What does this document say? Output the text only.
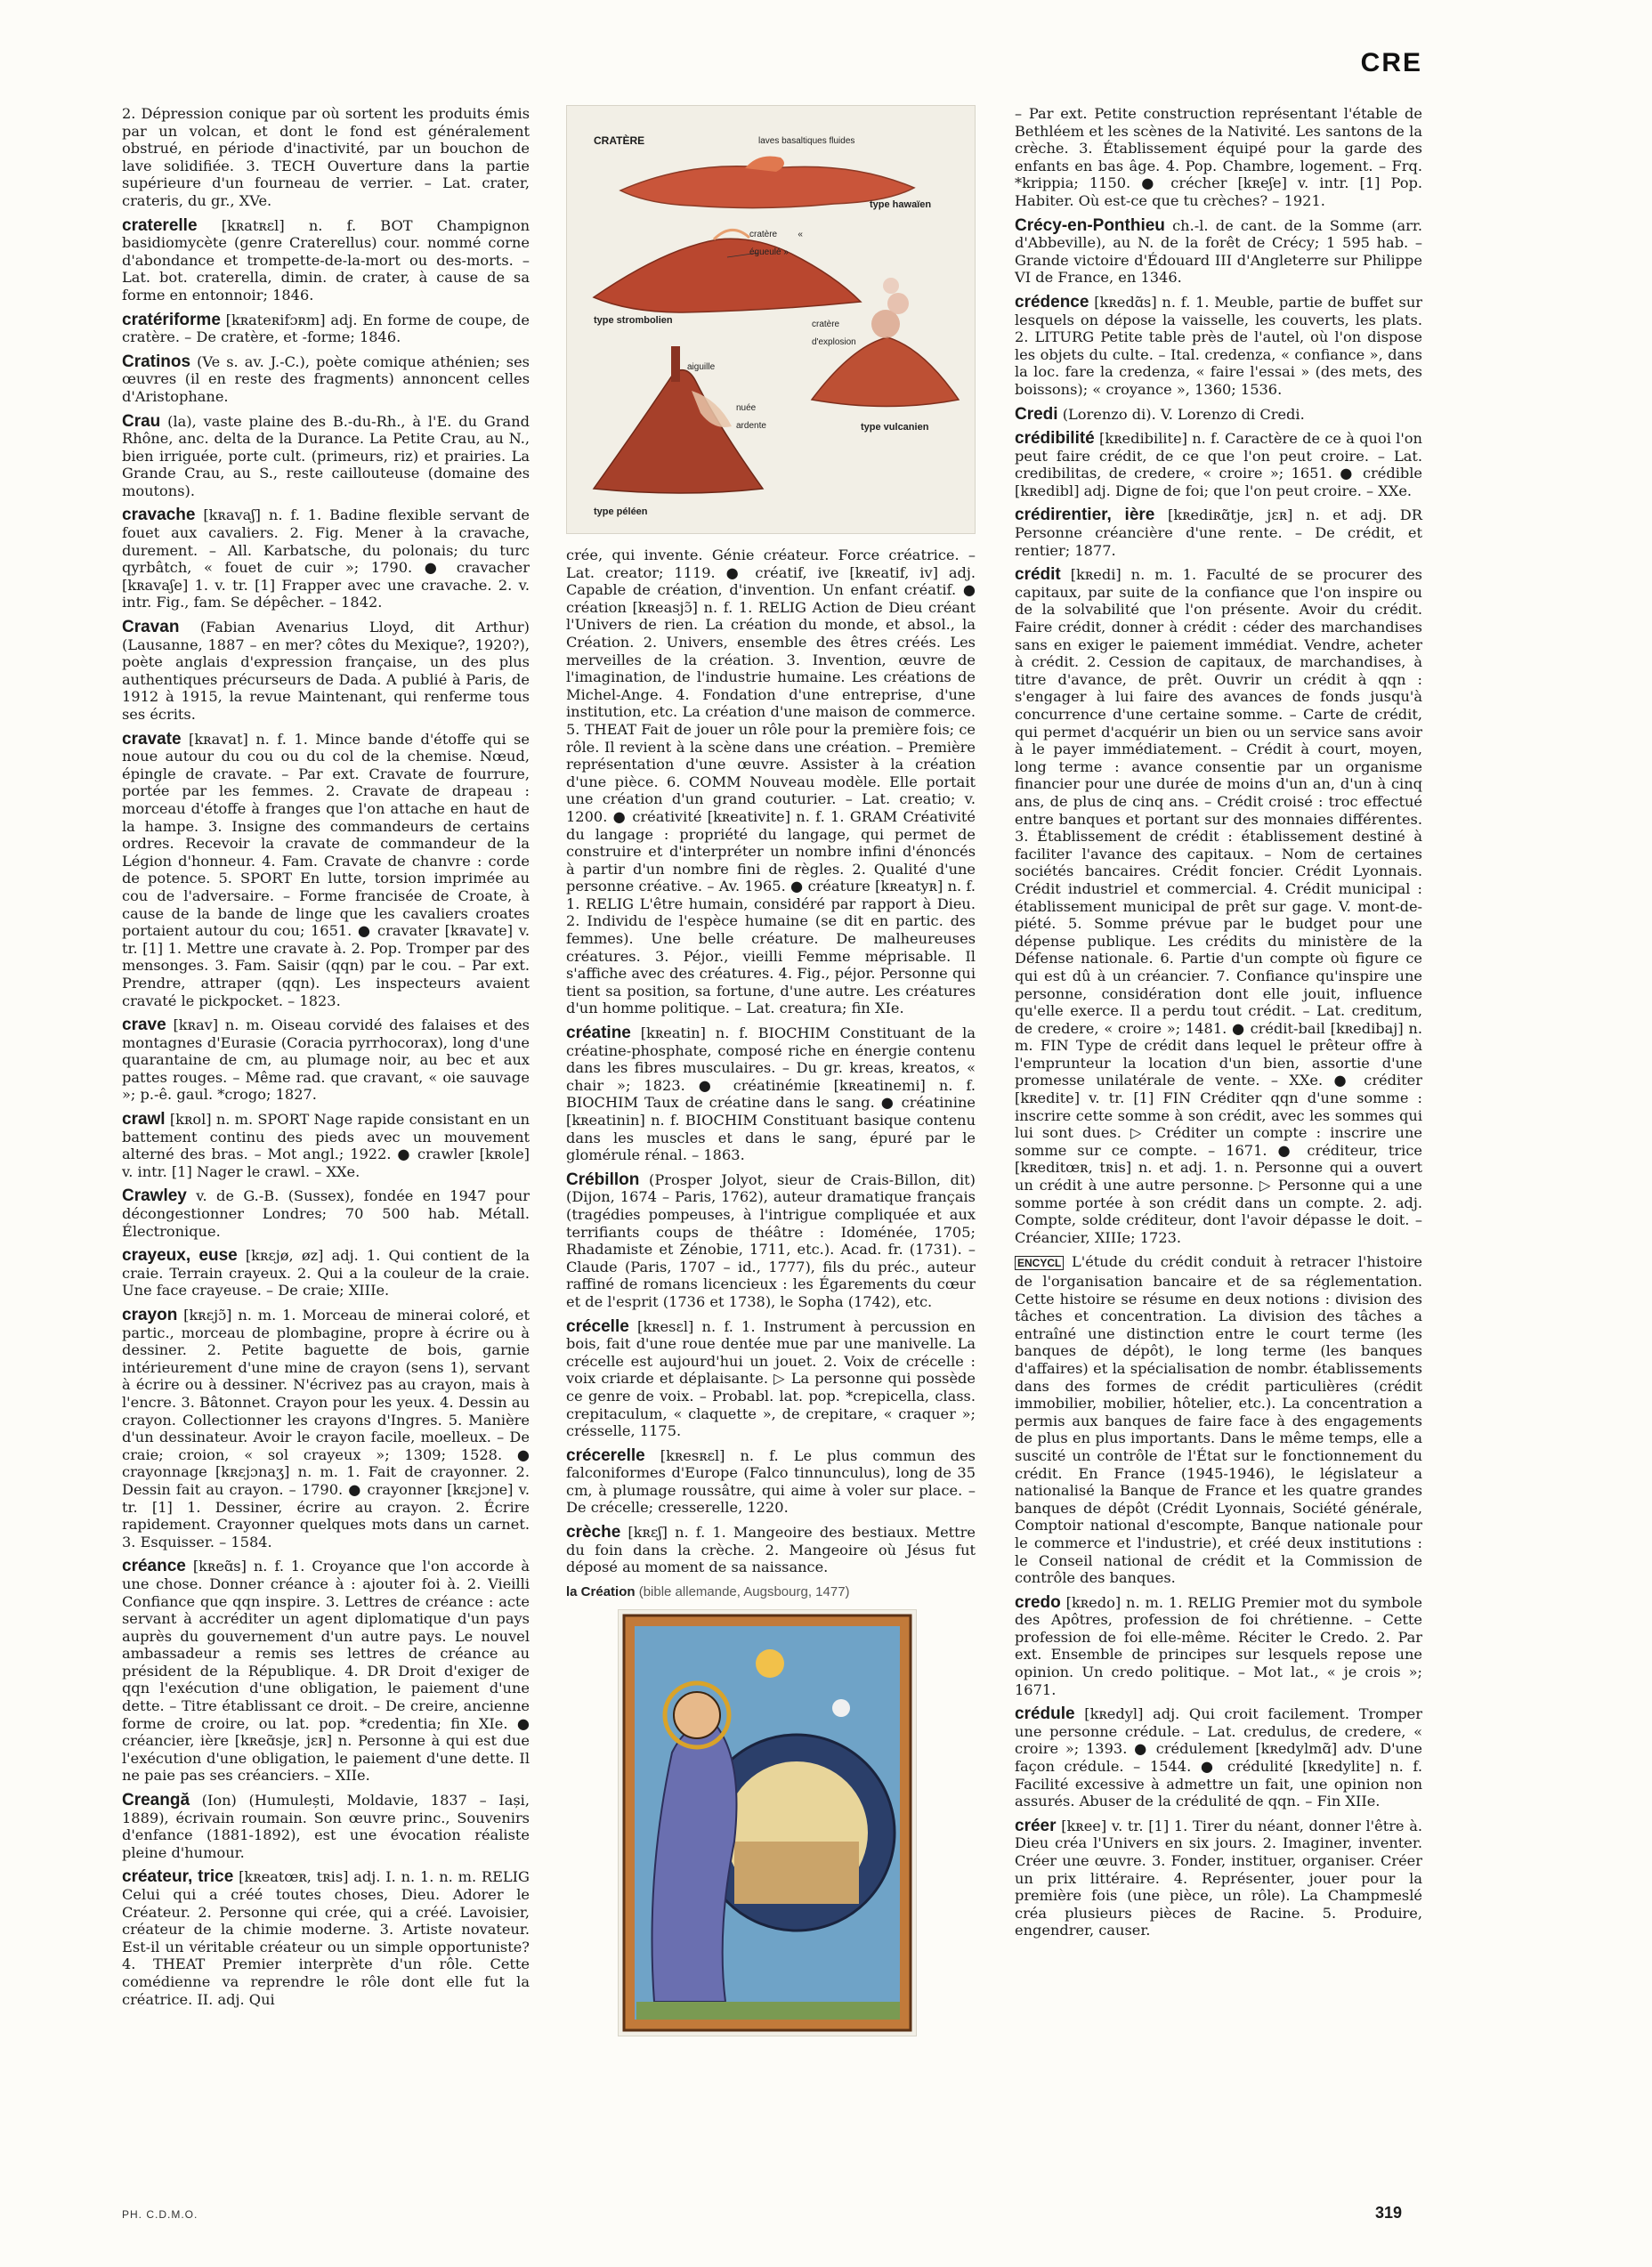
CRE

2. Dépression conique par où sortent les produits émis par un volcan, et dont le fond est généralement obstrué, en période d'inactivité, par un bouchon de lave solidifiée. 3. TECH Ouverture dans la partie supérieure d'un fourneau de verrier. – Lat. crater, crateris, du gr., XVe.

craterelle [kʀatʀɛl] n. f. BOT Champignon basidiomycète (genre Craterellus) cour. nommé corne d'abondance et trompette-de-la-mort ou des-morts. – Lat. bot. craterella, dimin. de crater, à cause de sa forme en entonnoir; 1846.

cratériforme [kʀateʀifɔʀm] adj. En forme de coupe, de cratère. – De cratère, et -forme; 1846.

Cratinos (Ve s. av. J.-C.), poète comique athénien; ses œuvres (il en reste des fragments) annoncent celles d'Aristophane.

Crau (la), vaste plaine des B.-du-Rh., à l'E. du Grand Rhône, anc. delta de la Durance. La Petite Crau, au N., bien irriguée, porte cult. (primeurs, riz) et prairies. La Grande Crau, au S., reste caillouteuse (domaine des moutons).

cravache [kʀavaʃ] n. f. 1. Badine flexible servant de fouet aux cavaliers. 2. Fig. Mener à la cravache, durement. – All. Karbatsche, du polonais; du turc qyrbâtch, « fouet de cuir »; 1790. ● cravacher [kʀavaʃe] 1. v. tr. [1] Frapper avec une cravache. 2. v. intr. Fig., fam. Se dépêcher. – 1842.

Cravan (Fabian Avenarius Lloyd, dit Arthur) (Lausanne, 1887 – en mer? côtes du Mexique?, 1920?), poète anglais d'expression française, un des plus authentiques précurseurs de Dada. A publié à Paris, de 1912 à 1915, la revue Maintenant, qui renferme tous ses écrits.

cravate [kʀavat] n. f. 1. Mince bande d'étoffe qui se noue autour du cou ou du col de la chemise. Nœud, épingle de cravate. – Par ext. Cravate de fourrure, portée par les femmes. 2. Cravate de drapeau : morceau d'étoffe à franges que l'on attache en haut de la hampe. 3. Insigne des commandeurs de certains ordres. Recevoir la cravate de commandeur de la Légion d'honneur. 4. Fam. Cravate de chanvre : corde de potence. 5. SPORT En lutte, torsion imprimée au cou de l'adversaire. – Forme francisée de Croate, à cause de la bande de linge que les cavaliers croates portaient autour du cou; 1651. ● cravater [kʀavate] v. tr. [1] 1. Mettre une cravate à. 2. Pop. Tromper par des mensonges. 3. Fam. Saisir (qqn) par le cou. – Par ext. Prendre, attraper (qqn). Les inspecteurs avaient cravaté le pickpocket. – 1823.

crave [kʀav] n. m. Oiseau corvidé des falaises et des montagnes d'Eurasie (Coracia pyrrhocorax), long d'une quarantaine de cm, au plumage noir, au bec et aux pattes rouges. – Même rad. que cravant, « oie sauvage »; p.-ê. gaul. *crogo; 1827.

crawl [kʀol] n. m. SPORT Nage rapide consistant en un battement continu des pieds avec un mouvement alterné des bras. – Mot angl.; 1922. ● crawler [kʀole] v. intr. [1] Nager le crawl. – XXe.

Crawley v. de G.-B. (Sussex), fondée en 1947 pour décongestionner Londres; 70 500 hab. Métall. Électronique.

crayeux, euse [kʀɛjø, øz] adj. 1. Qui contient de la craie. Terrain crayeux. 2. Qui a la couleur de la craie. Une face crayeuse. – De craie; XIIIe.

crayon [kʀɛjɔ̃] n. m. 1. Morceau de minerai coloré, et partic., morceau de plombagine, propre à écrire ou à dessiner. 2. Petite baguette de bois, garnie intérieurement d'une mine de crayon (sens 1), servant à écrire ou à dessiner. N'écrivez pas au crayon, mais à l'encre. 3. Bâtonnet. Crayon pour les yeux. 4. Dessin au crayon. Collectionner les crayons d'Ingres. 5. Manière d'un dessinateur. Avoir le crayon facile, moelleux. – De craie; croion, « sol crayeux »; 1309; 1528. ● crayonnage [kʀɛjɔnaʒ] n. m. 1. Fait de crayonner. 2. Dessin fait au crayon. – 1790. ● crayonner [kʀɛjɔne] v. tr. [1] 1. Dessiner, écrire au crayon. 2. Écrire rapidement. Crayonner quelques mots dans un carnet. 3. Esquisser. – 1584.

créance [kʀeɑ̃s] n. f. 1. Croyance que l'on accorde à une chose. Donner créance à : ajouter foi à. 2. Vieilli Confiance que qqn inspire. 3. Lettres de créance : acte servant à accréditer un agent diplomatique d'un pays auprès du gouvernement d'un autre pays. Le nouvel ambassadeur a remis ses lettres de créance au président de la République. 4. DR Droit d'exiger de qqn l'exécution d'une obligation, le paiement d'une dette. – Titre établissant ce droit. – De creire, ancienne forme de croire, ou lat. pop. *credentia; fin XIe. ● créancier, ière [kʀeɑ̃sje, jɛʀ] n. Personne à qui est due l'exécution d'une obligation, le paiement d'une dette. Il ne paie pas ses créanciers. – XIIe.

Creangă (Ion) (Humulești, Moldavie, 1837 – Iași, 1889), écrivain roumain. Son œuvre princ., Souvenirs d'enfance (1881-1892), est une évocation réaliste pleine d'humour.

créateur, trice [kʀeatœʀ, tʀis] adj. I. n. 1. n. m. RELIG Celui qui a créé toutes choses, Dieu. Adorer le Créateur. 2. Personne qui crée, qui a créé. Lavoisier, créateur de la chimie moderne. 3. Artiste novateur. Est-il un véritable créateur ou un simple opportuniste? 4. THEAT Premier interprète d'un rôle. Cette comédienne va reprendre le rôle dont elle fut la créatrice. II. adj. Qui

CRATÈRE	laves basaltiques fluides
type hawaïen
cratère « égueulé »
type strombolien	cratère d'explosion
aiguille
nuée ardente	type vulcanien
type péléen

crée, qui invente. Génie créateur. Force créatrice. – Lat. creator; 1119. ● créatif, ive [kʀeatif, iv] adj. Capable de création, d'invention. Un enfant créatif. ● création [kʀeasjɔ̃] n. f. 1. RELIG Action de Dieu créant l'Univers de rien. La création du monde, et absol., la Création. 2. Univers, ensemble des êtres créés. Les merveilles de la création. 3. Invention, œuvre de l'imagination, de l'industrie humaine. Les créations de Michel-Ange. 4. Fondation d'une entreprise, d'une institution, etc. La création d'une maison de commerce. 5. THEAT Fait de jouer un rôle pour la première fois; ce rôle. Il revient à la scène dans une création. – Première représentation d'une œuvre. Assister à la création d'une pièce. 6. COMM Nouveau modèle. Elle portait une création d'un grand couturier. – Lat. creatio; v. 1200. ● créativité [kʀeativite] n. f. 1. GRAM Créativité du langage : propriété du langage, qui permet de construire et d'interpréter un nombre infini d'énoncés à partir d'un nombre fini de règles. 2. Qualité d'une personne créative. – Av. 1965. ● créature [kʀeatyʀ] n. f. 1. RELIG L'être humain, considéré par rapport à Dieu. 2. Individu de l'espèce humaine (se dit en partic. des femmes). Une belle créature. De malheureuses créatures. 3. Péjor., vieilli Femme méprisable. Il s'affiche avec des créatures. 4. Fig., péjor. Personne qui tient sa position, sa fortune, d'une autre. Les créatures d'un homme politique. – Lat. creatura; fin XIe.

créatine [kʀeatin] n. f. BIOCHIM Constituant de la créatine-phosphate, composé riche en énergie contenu dans les fibres musculaires. – Du gr. kreas, kreatos, « chair »; 1823. ● créatinémie [kʀeatinemi] n. f. BIOCHIM Taux de créatine dans le sang. ● créatinine [kʀeatinin] n. f. BIOCHIM Constituant basique contenu dans les muscles et dans le sang, épuré par le glomérule rénal. – 1863.

Crébillon (Prosper Jolyot, sieur de Crais-Billon, dit) (Dijon, 1674 – Paris, 1762), auteur dramatique français (tragédies pompeuses, à l'intrigue compliquée et aux terrifiants coups de théâtre : Idoménée, 1705; Rhadamiste et Zénobie, 1711, etc.). Acad. fr. (1731). – Claude (Paris, 1707 – id., 1777), fils du préc., auteur raffiné de romans licencieux : les Égarements du cœur et de l'esprit (1736 et 1738), le Sopha (1742), etc.

crécelle [kʀesɛl] n. f. 1. Instrument à percussion en bois, fait d'une roue dentée mue par une manivelle. La crécelle est aujourd'hui un jouet. 2. Voix de crécelle : voix criarde et déplaisante. ▷ La personne qui possède ce genre de voix. – Probabl. lat. pop. *crepicella, class. crepitaculum, « claquette », de crepitare, « craquer »; crésselle, 1175.

crécerelle [kʀesʀɛl] n. f. Le plus commun des falconiformes d'Europe (Falco tinnunculus), long de 35 cm, à plumage roussâtre, qui aime à voler sur place. – De crécelle; cresserelle, 1220.

crèche [kʀɛʃ] n. f. 1. Mangeoire des bestiaux. Mettre du foin dans la crèche. 2. Mangeoire où Jésus fut déposé au moment de sa naissance.

la Création (bible allemande, Augsbourg, 1477)

– Par ext. Petite construction représentant l'étable de Bethléem et les scènes de la Nativité. Les santons de la crèche. 3. Établissement équipé pour la garde des enfants en bas âge. 4. Pop. Chambre, logement. – Frq. *krippia; 1150. ● crécher [kʀeʃe] v. intr. [1] Pop. Habiter. Où est-ce que tu crèches? – 1921.

Crécy-en-Ponthieu ch.-l. de cant. de la Somme (arr. d'Abbeville), au N. de la forêt de Crécy; 1 595 hab. – Grande victoire d'Édouard III d'Angleterre sur Philippe VI de France, en 1346.

crédence [kʀedɑ̃s] n. f. 1. Meuble, partie de buffet sur lesquels on dépose la vaisselle, les couverts, les plats. 2. LITURG Petite table près de l'autel, où l'on dispose les objets du culte. – Ital. credenza, « confiance », dans la loc. fare la credenza, « faire l'essai » (des mets, des boissons); « croyance », 1360; 1536.

Credi (Lorenzo di). V. Lorenzo di Credi.

crédibilité [kʀedibilite] n. f. Caractère de ce à quoi l'on peut faire crédit, de ce que l'on peut croire. – Lat. credibilitas, de credere, « croire »; 1651. ● crédible [kʀedibl] adj. Digne de foi; que l'on peut croire. – XXe.

crédirentier, ière [kʀediʀɑ̃tje, jɛʀ] n. et adj. DR Personne créancière d'une rente. – De crédit, et rentier; 1877.

crédit [kʀedi] n. m. 1. Faculté de se procurer des capitaux, par suite de la confiance que l'on inspire ou de la solvabilité que l'on présente. Avoir du crédit. Faire crédit, donner à crédit : céder des marchandises sans en exiger le paiement immédiat. Vendre, acheter à crédit. 2. Cession de capitaux, de marchandises, à titre d'avance, de prêt. Ouvrir un crédit à qqn : s'engager à lui faire des avances de fonds jusqu'à concurrence d'une certaine somme. – Carte de crédit, qui permet d'acquérir un bien ou un service sans avoir à le payer immédiatement. – Crédit à court, moyen, long terme : avance consentie par un organisme financier pour une durée de moins d'un an, d'un à cinq ans, de plus de cinq ans. – Crédit croisé : troc effectué entre banques et portant sur des monnaies différentes. 3. Établissement de crédit : établissement destiné à faciliter l'avance des capitaux. – Nom de certaines sociétés bancaires. Crédit foncier. Crédit Lyonnais. Crédit industriel et commercial. 4. Crédit municipal : établissement municipal de prêt sur gage. V. mont-de-piété. 5. Somme prévue par le budget pour une dépense publique. Les crédits du ministère de la Défense nationale. 6. Partie d'un compte où figure ce qui est dû à un créancier. 7. Confiance qu'inspire une personne, considération dont elle jouit, influence qu'elle exerce. Il a perdu tout crédit. – Lat. creditum, de credere, « croire »; 1481. ● crédit-bail [kʀedibaj] n. m. FIN Type de crédit dans lequel le prêteur offre à l'emprunteur la location d'un bien, assortie d'une promesse unilatérale de vente. – XXe. ● créditer [kʀedite] v. tr. [1] FIN Créditer qqn d'une somme : inscrire cette somme à son crédit, avec les sommes qui lui sont dues. ▷ Créditer un compte : inscrire une somme sur ce compte. – 1671. ● créditeur, trice [kʀeditœʀ, tʀis] n. et adj. 1. n. Personne qui a ouvert un crédit à une autre personne. ▷ Personne qui a une somme portée à son crédit dans un compte. 2. adj. Compte, solde créditeur, dont l'avoir dépasse le doit. – Créancier, XIIIe; 1723.

ENCYCL L'étude du crédit conduit à retracer l'histoire de l'organisation bancaire et de sa réglementation. Cette histoire se résume en deux notions : division des tâches et concentration. La division des tâches a entraîné une distinction entre le court terme (les banques de dépôt), le long terme (les banques d'affaires) et la spécialisation de nombr. établissements dans des formes de crédit particulières (crédit immobilier, mobilier, hôtelier, etc.). La concentration a permis aux banques de faire face à des engagements de plus en plus importants. Dans le même temps, elle a suscité un contrôle de l'État sur le fonctionnement du crédit. En France (1945-1946), le législateur a nationalisé la Banque de France et les quatre grandes banques de dépôt (Crédit Lyonnais, Société générale, Comptoir national d'escompte, Banque nationale pour le commerce et l'industrie), et créé deux institutions : le Conseil national de crédit et la Commission de contrôle des banques.

credo [kʀedo] n. m. 1. RELIG Premier mot du symbole des Apôtres, profession de foi chrétienne. – Cette profession de foi elle-même. Réciter le Credo. 2. Par ext. Ensemble de principes sur lesquels repose une opinion. Un credo politique. – Mot lat., « je crois »; 1671.

crédule [kʀedyl] adj. Qui croit facilement. Tromper une personne crédule. – Lat. credulus, de credere, « croire »; 1393. ● crédulement [kʀedylmɑ̃] adv. D'une façon crédule. – 1544. ● crédulité [kʀedylite] n. f. Facilité excessive à admettre un fait, une opinion non assurés. Abuser de la crédulité de qqn. – Fin XIIe.

créer [kʀee] v. tr. [1] 1. Tirer du néant, donner l'être à. Dieu créa l'Univers en six jours. 2. Imaginer, inventer. Créer une œuvre. 3. Fonder, instituer, organiser. Créer un prix littéraire. 4. Représenter, jouer pour la première fois (une pièce, un rôle). La Champmeslé créa plusieurs pièces de Racine. 5. Produire, engendrer, causer.

PH. C.D.M.O.	319
